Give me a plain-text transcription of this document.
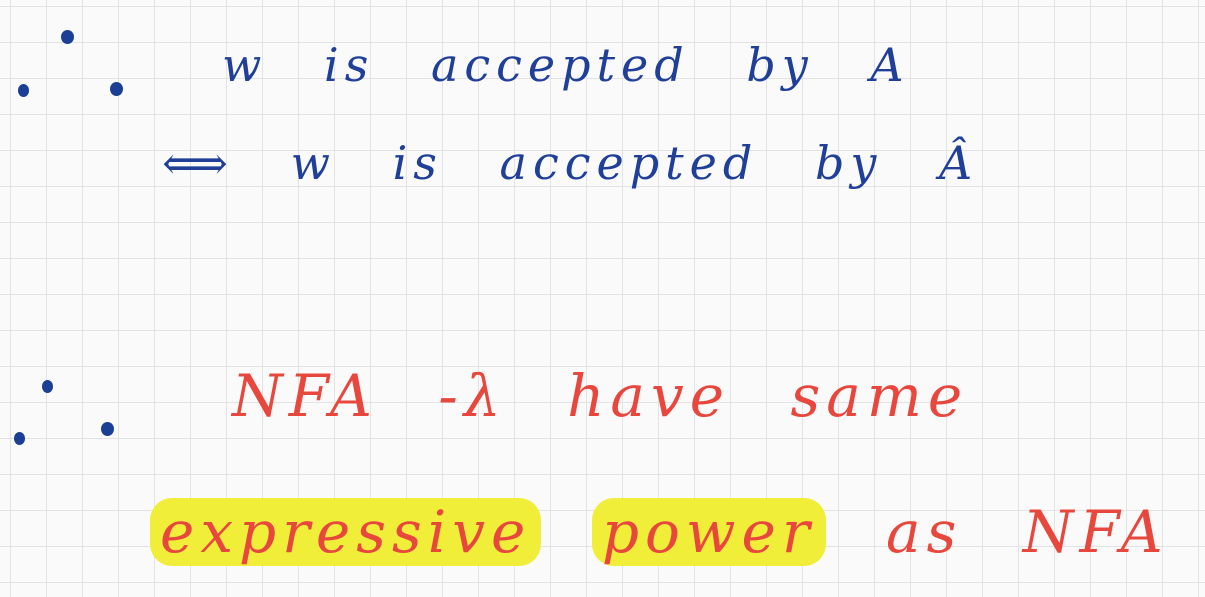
w is accepted by A
⟺ w is accepted by Â
NFA -λ have same
expressive power as NFA
